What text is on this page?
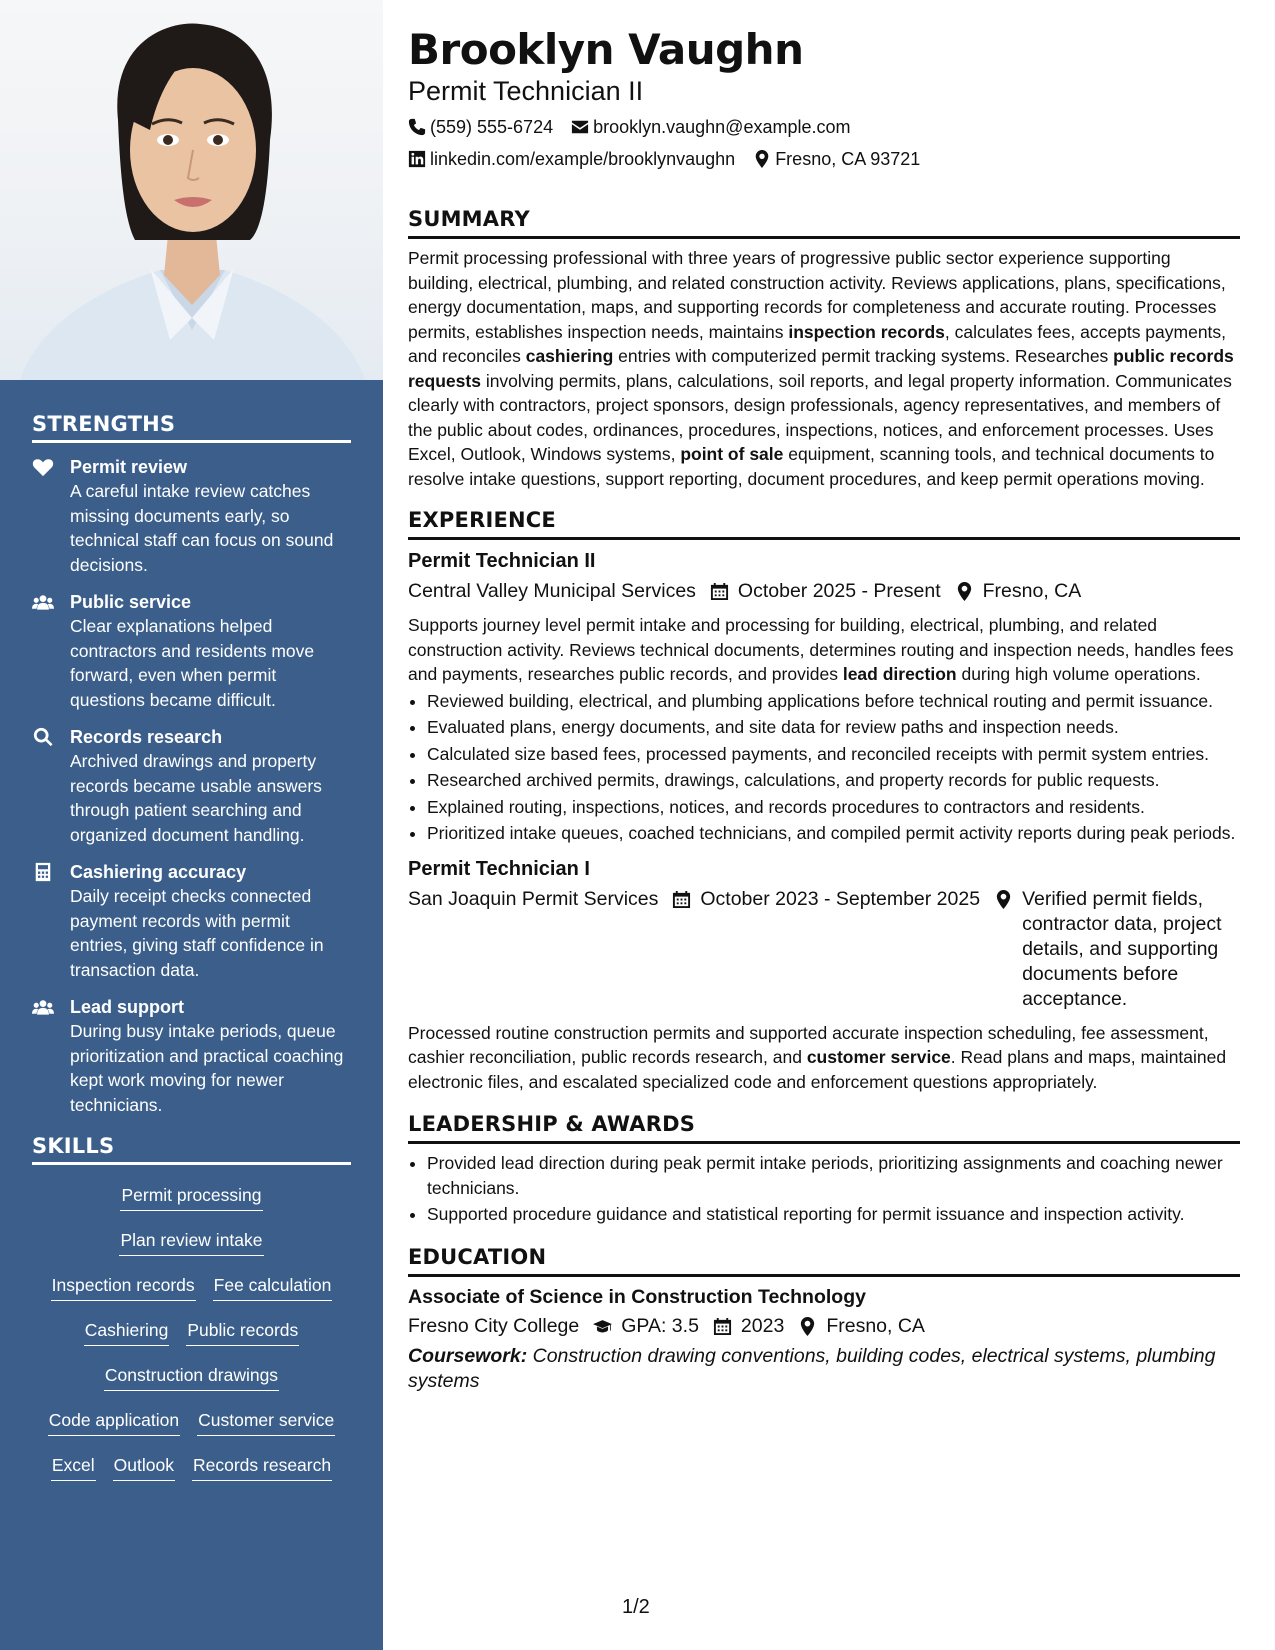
STRENGTHS
Permit review
A careful intake review catches missing documents early, so technical staff can focus on sound decisions.
Public service
Clear explanations helped contractors and residents move forward, even when permit questions became difficult.
Records research
Archived drawings and property records became usable answers through patient searching and organized document handling.
Cashiering accuracy
Daily receipt checks connected payment records with permit entries, giving staff confidence in transaction data.
Lead support
During busy intake periods, queue prioritization and practical coaching kept work moving for newer technicians.
SKILLS
Permit processing
Plan review intake
Inspection records Fee calculation
Cashiering Public records
Construction drawings
Code application Customer service
Excel Outlook Records research
Brooklyn Vaughn
Permit Technician II
(559) 555-6724 brooklyn.vaughn@example.com
linkedin.com/example/brooklynvaughn Fresno, CA 93721
SUMMARY

Permit processing professional with three years of progressive public sector experience supporting building, electrical, plumbing, and related construction activity. Reviews applications, plans, specifications, energy documentation, maps, and supporting records for completeness and accurate routing. Processes permits, establishes inspection needs, maintains inspection records, calculates fees, accepts payments, and reconciles cashiering entries with computerized permit tracking systems. Researches public records requests involving permits, plans, calculations, soil reports, and legal property information. Communicates clearly with contractors, project sponsors, design professionals, agency representatives, and members of the public about codes, ordinances, procedures, inspections, notices, and enforcement processes. Uses Excel, Outlook, Windows systems, point of sale equipment, scanning tools, and technical documents to resolve intake questions, support reporting, document procedures, and keep permit operations moving.

EXPERIENCE
Permit Technician II
Central Valley Municipal Services October 2025 - Present Fresno, CA

Supports journey level permit intake and processing for building, electrical, plumbing, and related construction activity. Reviews technical documents, determines routing and inspection needs, handles fees and payments, researches public records, and provides lead direction during high volume operations.

• Reviewed building, electrical, and plumbing applications before technical routing and permit issuance.
• Evaluated plans, energy documents, and site data for review paths and inspection needs.
• Calculated size based fees, processed payments, and reconciled receipts with permit system entries.
• Researched archived permits, drawings, calculations, and property records for public requests.
• Explained routing, inspections, notices, and records procedures to contractors and residents.
• Prioritized intake queues, coached technicians, and compiled permit activity reports during peak periods.
Permit Technician I
San Joaquin Permit Services October 2023 - September 2025 Verified permit fields, contractor data, project details, and supporting documents before acceptance.

Processed routine construction permits and supported accurate inspection scheduling, fee assessment, cashier reconciliation, public records research, and customer service. Read plans and maps, maintained electronic files, and escalated specialized code and enforcement questions appropriately.

LEADERSHIP & AWARDS
• Provided lead direction during peak permit intake periods, prioritizing assignments and coaching newer technicians.
• Supported procedure guidance and statistical reporting for permit issuance and inspection activity.
EDUCATION
Associate of Science in Construction Technology
Fresno City College GPA: 3.5 2023 Fresno, CA

Coursework: Construction drawing conventions, building codes, electrical systems, plumbing systems

1/2
